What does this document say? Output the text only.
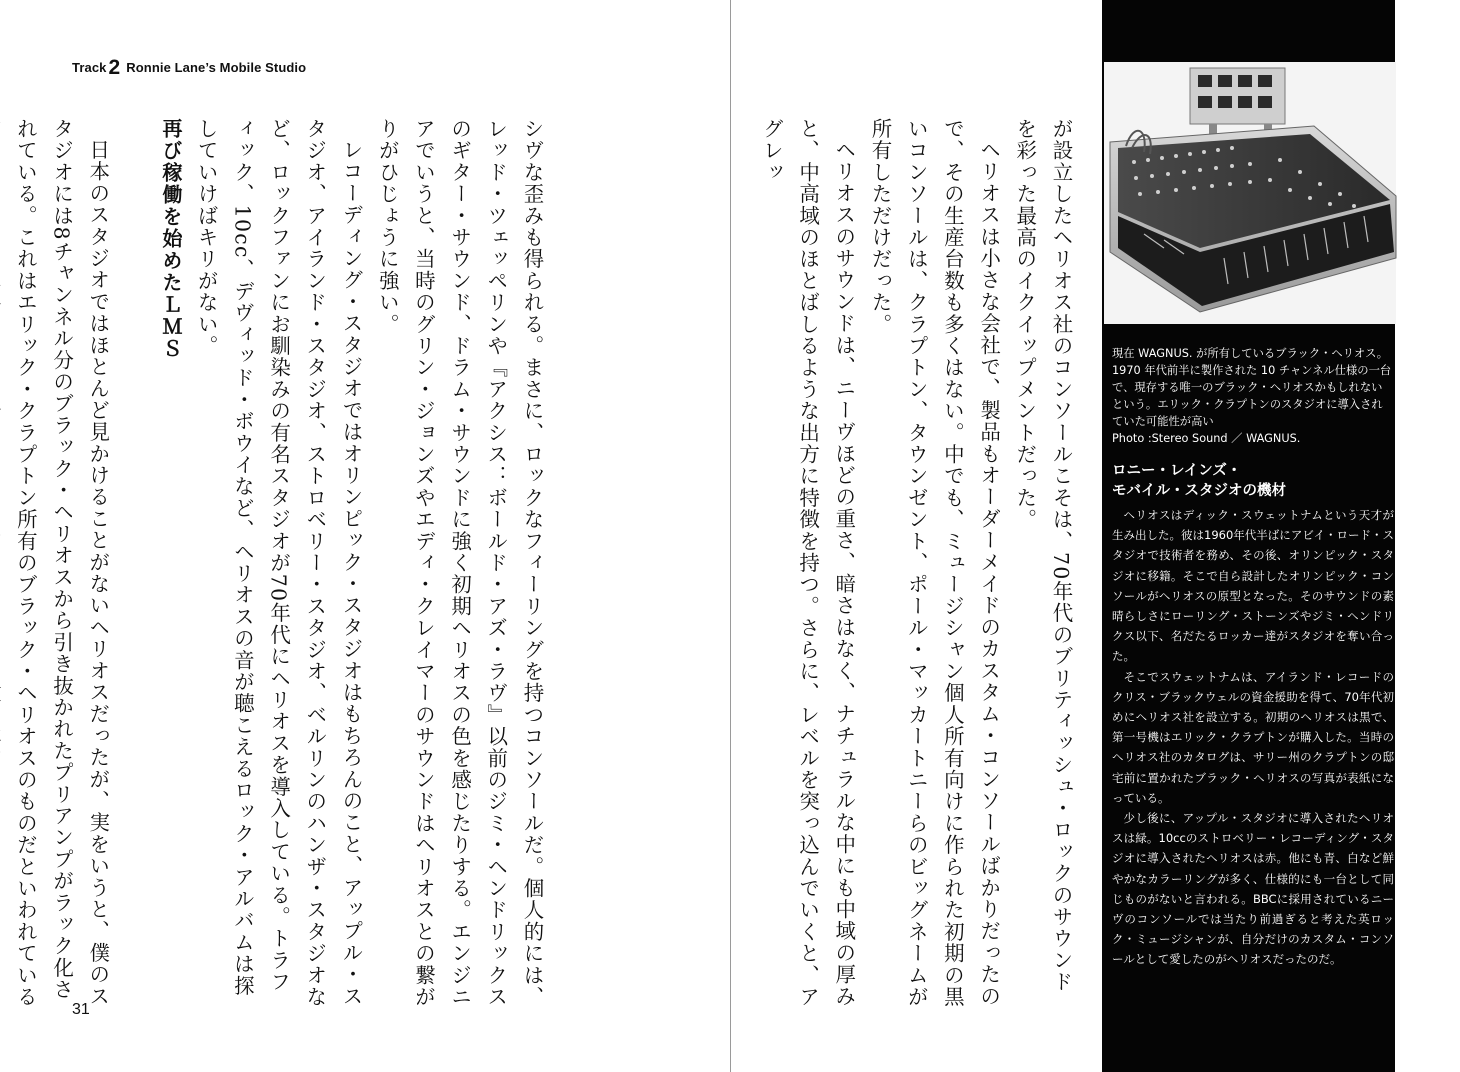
Track2 Ronnie Lane’s Mobile Studio

シヴな歪みも得られる。まさに、ロックなフィーリングを持つコンソールだ。個人的には、レッド・ツェッペリンや『アクシス：ボールド・アズ・ラヴ』以前のジミ・ヘンドリックスのギター・サウンド、ドラム・サウンドに強く初期ヘリオスの色を感じたりする。エンジニアでいうと、当時のグリン・ジョンズやエディ・クレイマーのサウンドはヘリオスとの繋がりがひじょうに強い。

レコーディング・スタジオではオリンピック・スタジオはもちろんのこと、アップル・スタジオ、アイランド・スタジオ、ストロベリー・スタジオ、ベルリンのハンザ・スタジオなど、ロックファンにお馴染みの有名スタジオが70年代にヘリオスを導入している。トラフィック、10cc、デヴィッド・ボウイなど、ヘリオスの音が聴こえるロック・アルバムは探していけばキリがない。

再び稼働を始めたＬＭＳ

日本のスタジオではほとんど見かけることがないヘリオスだったが、実をいうと、僕のスタジオには8チャンネル分のブラック・ヘリオスから引き抜かれたプリアンプがラック化されている。これはエリック・クラプトン所有のブラック・ヘリオスのものだといわれている

31

が設立したヘリオス社のコンソールこそは、70年代のブリティッシュ・ロックのサウンドを彩った最高のイクイップメントだった。

ヘリオスは小さな会社で、製品もオーダーメイドのカスタム・コンソールばかりだったので、その生産台数も多くはない。中でも、ミュージシャン個人所有向けに作られた初期の黒いコンソールは、クラプトン、タウンゼント、ポール・マッカートニーらのビッグネームが所有しただけだった。

ヘリオスのサウンドは、ニーヴほどの重さ、暗さはなく、ナチュラルな中にも中域の厚みと、中高域のほとばしるような出方に特徴を持つ。さらに、レベルを突っ込んでいくと、アグレッ

現在 WAGNUS. が所有しているブラック・ヘリオス。1970 年代前半に製作された 10 チャンネル仕様の一台で、現存する唯一のブラック・ヘリオスかもしれないという。エリック・クラプトンのスタジオに導入されていた可能性が高い
Photo :Stereo Sound ／ WAGNUS.
ロニー・レインズ・
モバイル・スタジオの機材

ヘリオスはディック・スウェットナムという天才が生み出した。彼は1960年代半ばにアビイ・ロード・スタジオで技術者を務め、その後、オリンピック・スタジオに移籍。そこで自ら設計したオリンピック・コンソールがヘリオスの原型となった。そのサウンドの素晴らしさにローリング・ストーンズやジミ・ヘンドリクス以下、名だたるロッカー達がスタジオを奪い合った。

そこでスウェットナムは、アイランド・レコードのクリス・ブラックウェルの資金援助を得て、70年代初めにヘリオス社を設立する。初期のヘリオスは黒で、第一号機はエリック・クラプトンが購入した。当時のヘリオス社のカタログは、サリー州のクラプトンの邸宅前に置かれたブラック・ヘリオスの写真が表紙になっている。

少し後に、アップル・スタジオに導入されたヘリオスは緑。10ccのストロベリー・レコーディング・スタジオに導入されたヘリオスは赤。他にも青、白など鮮やかなカラーリングが多く、仕様的にも一台として同じものがないと言われる。BBCに採用されているニーヴのコンソールでは当たり前過ぎると考えた英ロック・ミュージシャンが、自分だけのカスタム・コンソールとして愛したのがヘリオスだったのだ。
